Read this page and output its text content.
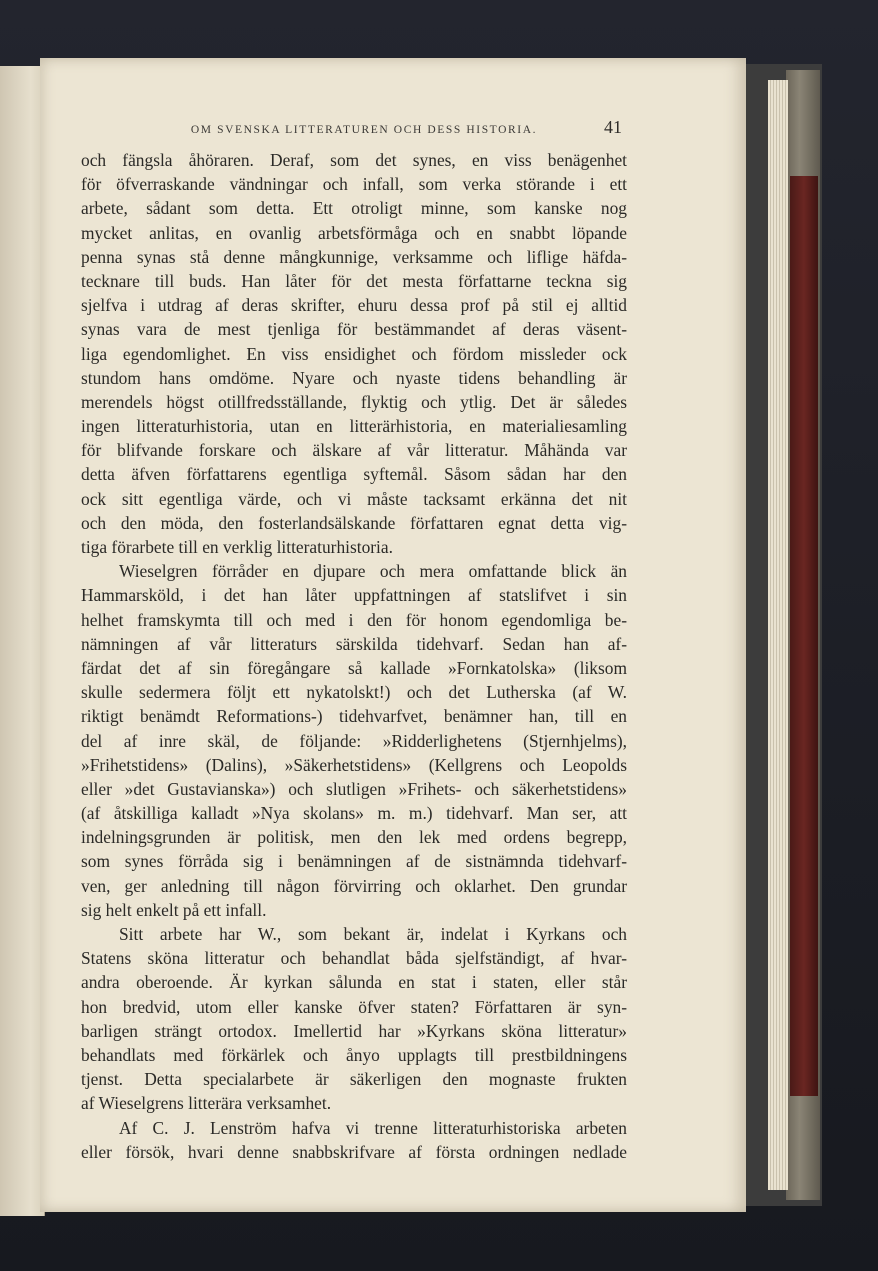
OM SVENSKA LITTERATUREN OCH DESS HISTORIA.	41
och fängsla åhöraren. Deraf, som det synes, en viss benägenhet
för öfverraskande vändningar och infall, som verka störande i ett
arbete, sådant som detta. Ett otroligt minne, som kanske nog
mycket anlitas, en ovanlig arbetsförmåga och en snabbt löpande
penna synas stå denne mångkunnige, verksamme och liflige häfda-
tecknare till buds. Han låter för det mesta författarne teckna sig
sjelfva i utdrag af deras skrifter, ehuru dessa prof på stil ej alltid
synas vara de mest tjenliga för bestämmandet af deras väsent-
liga egendomlighet. En viss ensidighet och fördom missleder ock
stundom hans omdöme. Nyare och nyaste tidens behandling är
merendels högst otillfredsställande, flyktig och ytlig. Det är således
ingen litteraturhistoria, utan en litterärhistoria, en materialiesamling
för blifvande forskare och älskare af vår litteratur. Måhända var
detta äfven författarens egentliga syftemål. Såsom sådan har den
ock sitt egentliga värde, och vi måste tacksamt erkänna det nit
och den möda, den fosterlandsälskande författaren egnat detta vig-
tiga förarbete till en verklig litteraturhistoria.
Wieselgren förråder en djupare och mera omfattande blick än
Hammarsköld, i det han låter uppfattningen af statslifvet i sin
helhet framskymta till och med i den för honom egendomliga be-
nämningen af vår litteraturs särskilda tidehvarf. Sedan han af-
färdat det af sin föregångare så kallade »Fornkatolska» (liksom
skulle sedermera följt ett nykatolskt!) och det Lutherska (af W.
riktigt benämdt Reformations-) tidehvarfvet, benämner han, till en
del af inre skäl, de följande: »Ridderlighetens (Stjernhjelms),
»Frihetstidens» (Dalins), »Säkerhetstidens» (Kellgrens och Leopolds
eller »det Gustavianska») och slutligen »Frihets- och säkerhetstidens»
(af åtskilliga kalladt »Nya skolans» m. m.) tidehvarf. Man ser, att
indelningsgrunden är politisk, men den lek med ordens begrepp,
som synes förråda sig i benämningen af de sistnämnda tidehvarf-
ven, ger anledning till någon förvirring och oklarhet. Den grundar
sig helt enkelt på ett infall.
Sitt arbete har W., som bekant är, indelat i Kyrkans och
Statens sköna litteratur och behandlat båda sjelfständigt, af hvar-
andra oberoende. Är kyrkan sålunda en stat i staten, eller står
hon bredvid, utom eller kanske öfver staten? Författaren är syn-
barligen strängt ortodox. Imellertid har »Kyrkans sköna litteratur»
behandlats med förkärlek och ånyo upplagts till prestbildningens
tjenst. Detta specialarbete är säkerligen den mognaste frukten
af Wieselgrens litterära verksamhet.
Af C. J. Lenström hafva vi trenne litteraturhistoriska arbeten
eller försök, hvari denne snabbskrifvare af första ordningen nedlade
